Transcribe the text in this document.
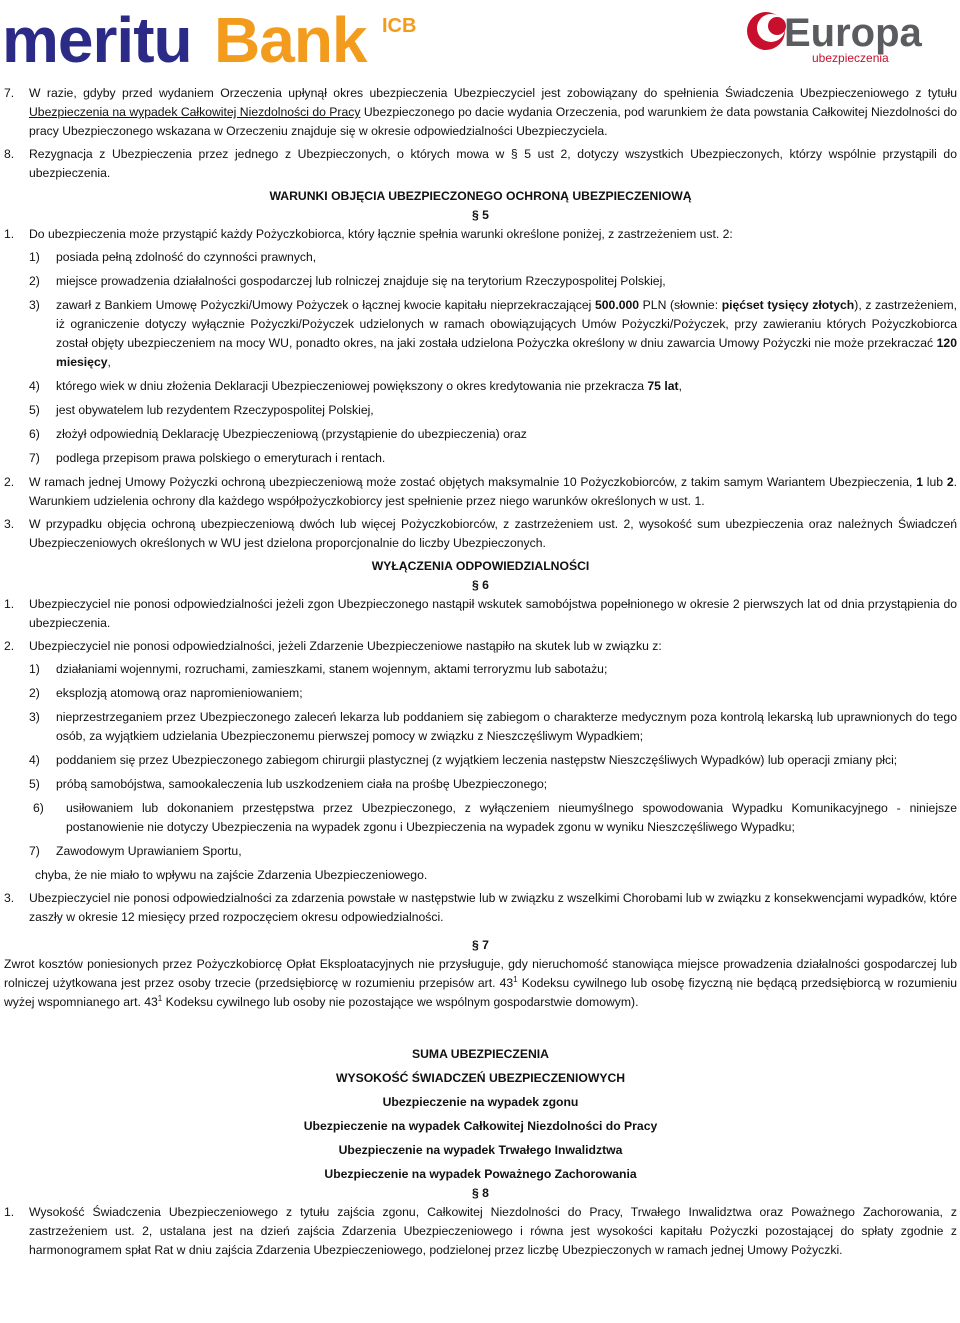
meritu Bank ICB	Europa
ubezpieczenia
7. W razie, gdyby przed wydaniem Orzeczenia upłynął okres ubezpieczenia Ubezpieczyciel jest zobowiązany do spełnienia Świadczenia Ubezpieczeniowego z tytułu Ubezpieczenia na wypadek Całkowitej Niezdolności do Pracy Ubezpieczonego po dacie wydania Orzeczenia, pod warunkiem że data powstania Całkowitej Niezdolności do pracy Ubezpieczonego wskazana w Orzeczeniu znajduje się w okresie odpowiedzialności Ubezpieczyciela.
8. Rezygnacja z Ubezpieczenia przez jednego z Ubezpieczonych, o których mowa w § 5 ust 2, dotyczy wszystkich Ubezpieczonych, którzy wspólnie przystąpili do ubezpieczenia.

WARUNKI OBJĘCIA UBEZPIECZONEGO OCHRONĄ UBEZPIECZENIOWĄ

§ 5

1. Do ubezpieczenia może przystąpić każdy Pożyczkobiorca, który łącznie spełnia warunki określone poniżej, z zastrzeżeniem ust. 2:
1) posiada pełną zdolność do czynności prawnych,
2) miejsce prowadzenia działalności gospodarczej lub rolniczej znajduje się na terytorium Rzeczypospolitej Polskiej,
3) zawarł z Bankiem Umowę Pożyczki/Umowy Pożyczek o łącznej kwocie kapitału nieprzekraczającej 500.000 PLN (słownie: pięćset tysięcy złotych), z zastrzeżeniem, iż ograniczenie dotyczy wyłącznie Pożyczki/Pożyczek udzielonych w ramach obowiązujących Umów Pożyczki/Pożyczek, przy zawieraniu których Pożyczkobiorca został objęty ubezpieczeniem na mocy WU, ponadto okres, na jaki została udzielona Pożyczka określony w dniu zawarcia Umowy Pożyczki nie może przekraczać 120 miesięcy,
4) którego wiek w dniu złożenia Deklaracji Ubezpieczeniowej powiększony o okres kredytowania nie przekracza 75 lat,
5) jest obywatelem lub rezydentem Rzeczypospolitej Polskiej,
6) złożył odpowiednią Deklarację Ubezpieczeniową (przystąpienie do ubezpieczenia) oraz
7) podlega przepisom prawa polskiego o emeryturach i rentach.
2. W ramach jednej Umowy Pożyczki ochroną ubezpieczeniową może zostać objętych maksymalnie 10 Pożyczkobiorców, z takim samym Wariantem Ubezpieczenia, 1 lub 2. Warunkiem udzielenia ochrony dla każdego współpożyczkobiorcy jest spełnienie przez niego warunków określonych w ust. 1.
3. W przypadku objęcia ochroną ubezpieczeniową dwóch lub więcej Pożyczkobiorców, z zastrzeżeniem ust. 2, wysokość sum ubezpieczenia oraz należnych Świadczeń Ubezpieczeniowych określonych w WU jest dzielona proporcjonalnie do liczby Ubezpieczonych.

WYŁĄCZENIA ODPOWIEDZIALNOŚCI

§ 6

1. Ubezpieczyciel nie ponosi odpowiedzialności jeżeli zgon Ubezpieczonego nastąpił wskutek samobójstwa popełnionego w okresie 2 pierwszych lat od dnia przystąpienia do ubezpieczenia.
2. Ubezpieczyciel nie ponosi odpowiedzialności, jeżeli Zdarzenie Ubezpieczeniowe nastąpiło na skutek lub w związku z:
1) działaniami wojennymi, rozruchami, zamieszkami, stanem wojennym, aktami terroryzmu lub sabotażu;
2) eksplozją atomową oraz napromieniowaniem;
3) nieprzestrzeganiem przez Ubezpieczonego zaleceń lekarza lub poddaniem się zabiegom o charakterze medycznym poza kontrolą lekarską lub uprawnionych do tego osób, za wyjątkiem udzielania Ubezpieczonemu pierwszej pomocy w związku z Nieszczęśliwym Wypadkiem;
4) poddaniem się przez Ubezpieczonego zabiegom chirurgii plastycznej (z wyjątkiem leczenia następstw Nieszczęśliwych Wypadków) lub operacji zmiany płci;
5) próbą samobójstwa, samookaleczenia lub uszkodzeniem ciała na prośbę Ubezpieczonego;
6) usiłowaniem lub dokonaniem przestępstwa przez Ubezpieczonego, z wyłączeniem nieumyślnego spowodowania Wypadku Komunikacyjnego - niniejsze postanowienie nie dotyczy Ubezpieczenia na wypadek zgonu i Ubezpieczenia na wypadek zgonu w wyniku Nieszczęśliwego Wypadku;
7) Zawodowym Uprawianiem Sportu,

chyba, że nie miało to wpływu na zajście Zdarzenia Ubezpieczeniowego.

3. Ubezpieczyciel nie ponosi odpowiedzialności za zdarzenia powstałe w następstwie lub w związku z wszelkimi Chorobami lub w związku z konsekwencjami wypadków, które zaszły w okresie 12 miesięcy przed rozpoczęciem okresu odpowiedzialności.

§ 7

Zwrot kosztów poniesionych przez Pożyczkobiorcę Opłat Eksploatacyjnych nie przysługuje, gdy nieruchomość stanowiąca miejsce prowadzenia działalności gospodarczej lub rolniczej użytkowana jest przez osoby trzecie (przedsiębiorcę w rozumieniu przepisów art. $43^1$ Kodeksu cywilnego lub osobę fizyczną nie będącą przedsiębiorcą w rozumieniu wyżej wspomnianego art. $43^1$ Kodeksu cywilnego lub osoby nie pozostające we wspólnym gospodarstwie domowym).

SUMA UBEZPIECZENIA

WYSOKOŚĆ ŚWIADCZEŃ UBEZPIECZENIOWYCH

Ubezpieczenie na wypadek zgonu

Ubezpieczenie na wypadek Całkowitej Niezdolności do Pracy

Ubezpieczenie na wypadek Trwałego Inwalidztwa

Ubezpieczenie na wypadek Poważnego Zachorowania

§ 8

1. Wysokość Świadczenia Ubezpieczeniowego z tytułu zajścia zgonu, Całkowitej Niezdolności do Pracy, Trwałego Inwalidztwa oraz Poważnego Zachorowania, z zastrzeżeniem ust. 2, ustalana jest na dzień zajścia Zdarzenia Ubezpieczeniowego i równa jest wysokości kapitału Pożyczki pozostającej do spłaty zgodnie z harmonogramem spłat Rat w dniu zajścia Zdarzenia Ubezpieczeniowego, podzielonej przez liczbę Ubezpieczonych w ramach jednej Umowy Pożyczki.
